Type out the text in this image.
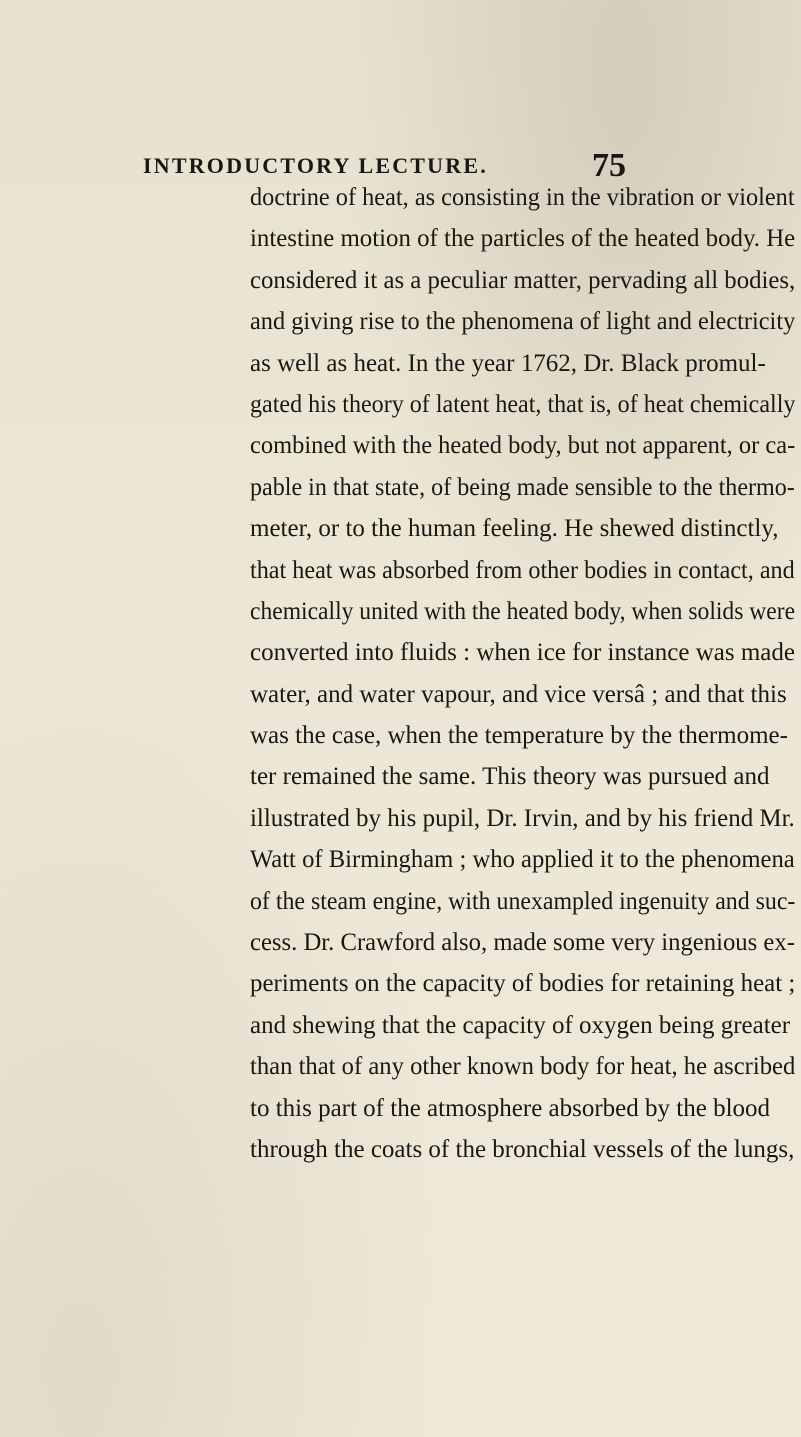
INTRODUCTORY LECTURE.	75
doctrine of heat, as consisting in the vibration or violent
intestine motion of the particles of the heated body. He
considered it as a peculiar matter, pervading all bodies,
and giving rise to the phenomena of light and electricity
as well as heat. In the year 1762, Dr. Black promul-
gated his theory of latent heat, that is, of heat chemically
combined with the heated body, but not apparent, or ca-
pable in that state, of being made sensible to the thermo-
meter, or to the human feeling. He shewed distinctly,
that heat was absorbed from other bodies in contact, and
chemically united with the heated body, when solids were
converted into fluids : when ice for instance was made
water, and water vapour, and vice versâ ; and that this
was the case, when the temperature by the thermome-
ter remained the same. This theory was pursued and
illustrated by his pupil, Dr. Irvin, and by his friend Mr.
Watt of Birmingham ; who applied it to the phenomena
of the steam engine, with unexampled ingenuity and suc-
cess. Dr. Crawford also, made some very ingenious ex-
periments on the capacity of bodies for retaining heat ;
and shewing that the capacity of oxygen being greater
than that of any other known body for heat, he ascribed
to this part of the atmosphere absorbed by the blood
through the coats of the bronchial vessels of the lungs,
